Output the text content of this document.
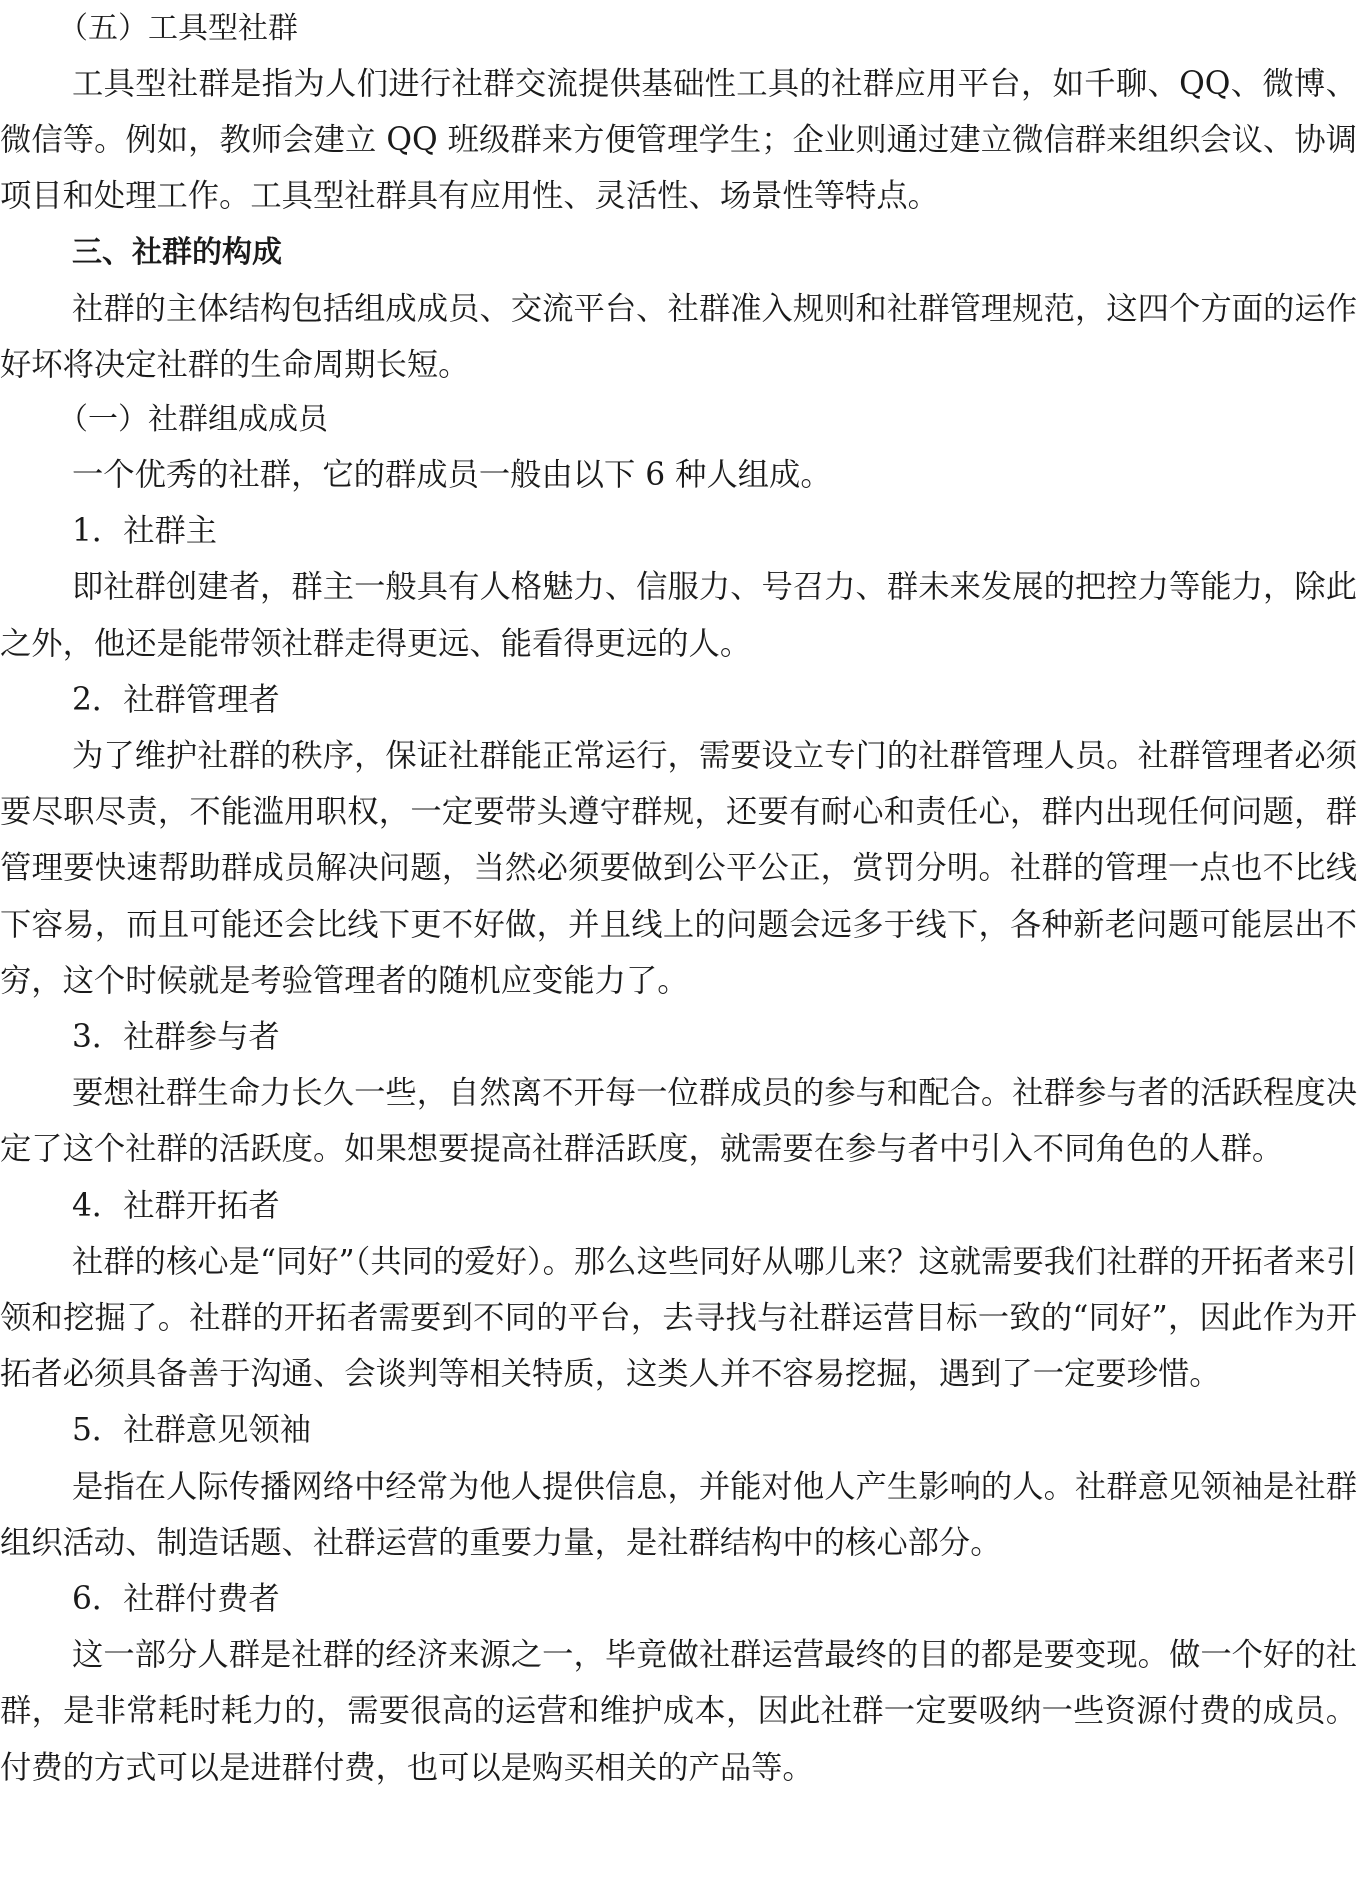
（五）工具型社群

工具型社群是指为人们进行社群交流提供基础性工具的社群应用平台，如千聊、QQ、微博、微信等。例如，教师会建立 QQ 班级群来方便管理学生；企业则通过建立微信群来组织会议、协调项目和处理工作。工具型社群具有应用性、灵活性、场景性等特点。

三、社群的构成

社群的主体结构包括组成成员、交流平台、社群准入规则和社群管理规范，这四个方面的运作好坏将决定社群的生命周期长短。

（一）社群组成成员

一个优秀的社群，它的群成员一般由以下 6 种人组成。

1．社群主

即社群创建者，群主一般具有人格魅力、信服力、号召力、群未来发展的把控力等能力，除此之外，他还是能带领社群走得更远、能看得更远的人。

2．社群管理者

为了维护社群的秩序，保证社群能正常运行，需要设立专门的社群管理人员。社群管理者必须要尽职尽责，不能滥用职权，一定要带头遵守群规，还要有耐心和责任心，群内出现任何问题，群管理要快速帮助群成员解决问题，当然必须要做到公平公正，赏罚分明。社群的管理一点也不比线下容易，而且可能还会比线下更不好做，并且线上的问题会远多于线下，各种新老问题可能层出不穷，这个时候就是考验管理者的随机应变能力了。

3．社群参与者

要想社群生命力长久一些，自然离不开每一位群成员的参与和配合。社群参与者的活跃程度决定了这个社群的活跃度。如果想要提高社群活跃度，就需要在参与者中引入不同角色的人群。

4．社群开拓者

社群的核心是“同好”（共同的爱好）。那么这些同好从哪儿来？这就需要我们社群的开拓者来引领和挖掘了。社群的开拓者需要到不同的平台，去寻找与社群运营目标一致的“同好”，因此作为开拓者必须具备善于沟通、会谈判等相关特质，这类人并不容易挖掘，遇到了一定要珍惜。

5．社群意见领袖

是指在人际传播网络中经常为他人提供信息，并能对他人产生影响的人。社群意见领袖是社群组织活动、制造话题、社群运营的重要力量，是社群结构中的核心部分。

6．社群付费者

这一部分人群是社群的经济来源之一，毕竟做社群运营最终的目的都是要变现。做一个好的社群，是非常耗时耗力的，需要很高的运营和维护成本，因此社群一定要吸纳一些资源付费的成员。付费的方式可以是进群付费，也可以是购买相关的产品等。
